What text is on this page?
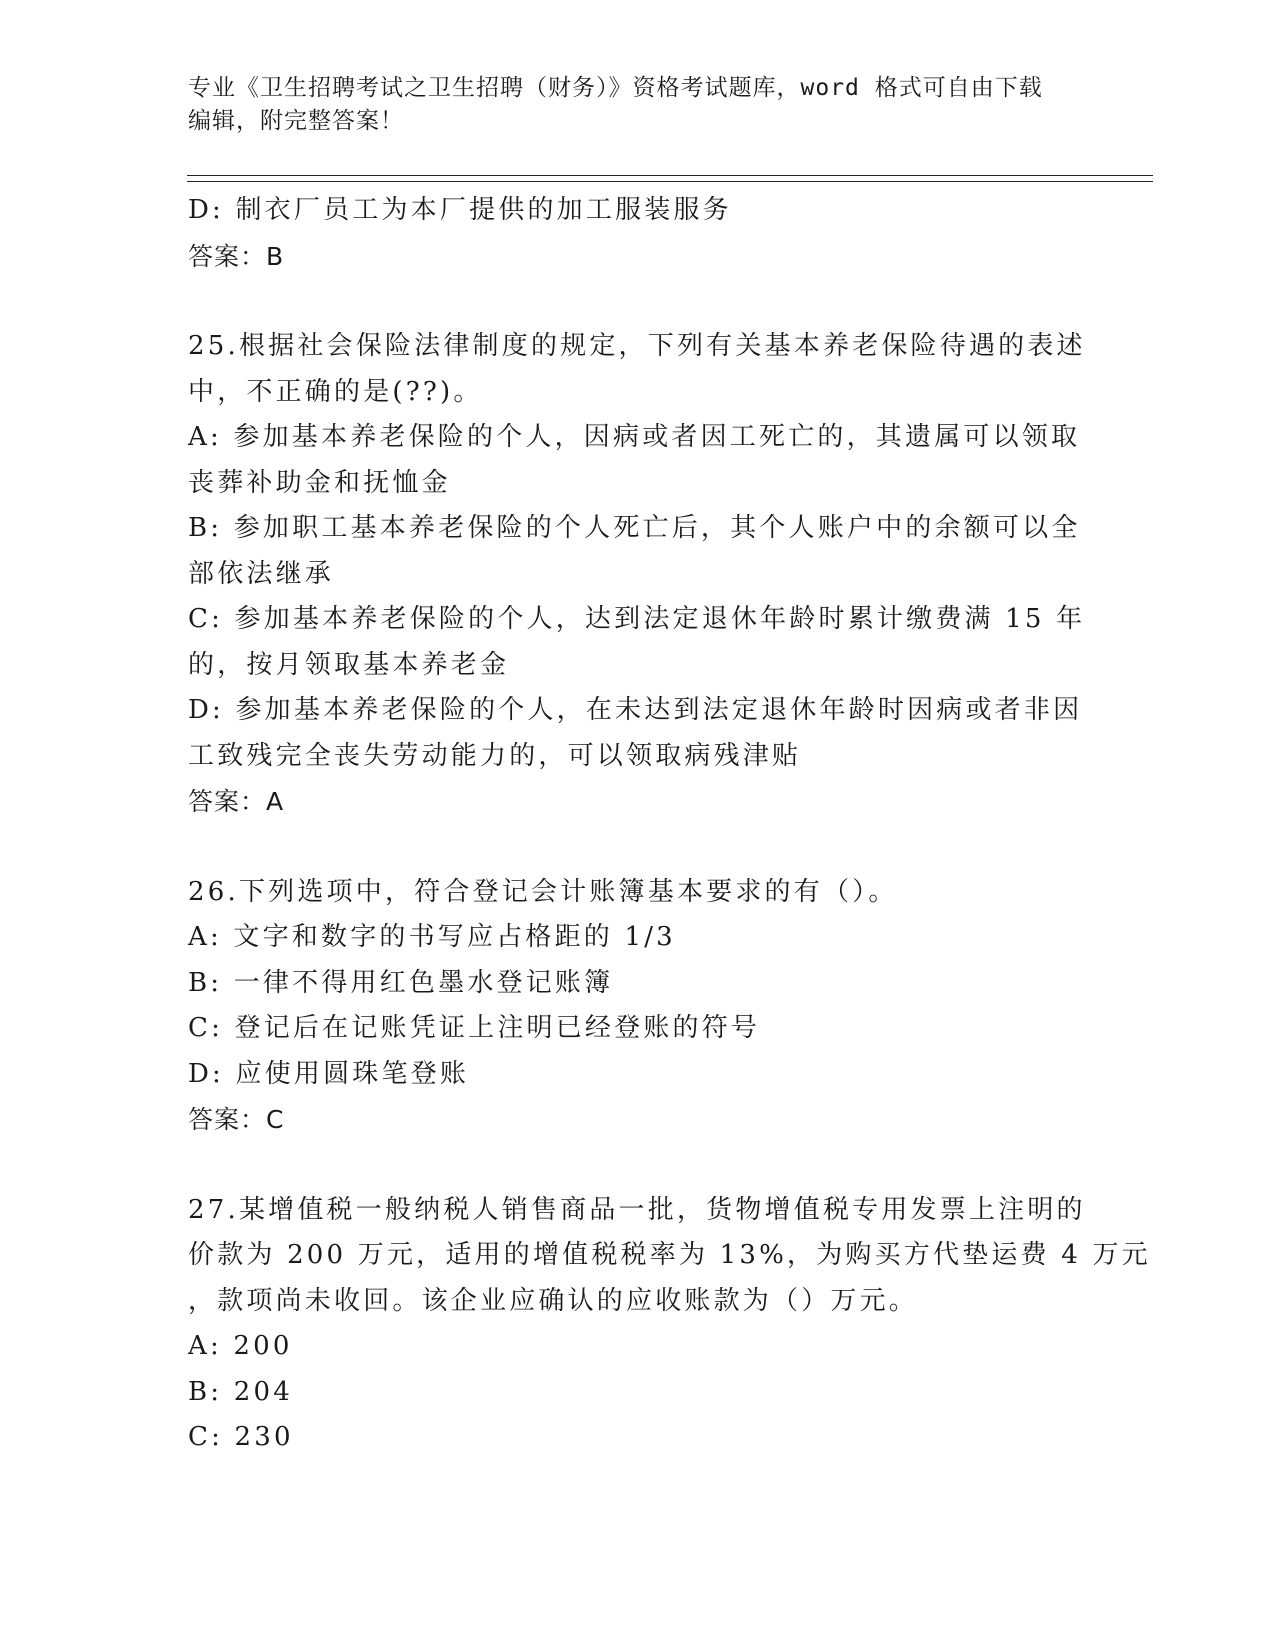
专业《卫生招聘考试之卫生招聘（财务）》资格考试题库，word 格式可自由下载
编辑，附完整答案！
D: 制衣厂员工为本厂提供的加工服装服务
答案：B
25.根据社会保险法律制度的规定，下列有关基本养老保险待遇的表述
中，不正确的是(??)。
A: 参加基本养老保险的个人，因病或者因工死亡的，其遗属可以领取
丧葬补助金和抚恤金
B: 参加职工基本养老保险的个人死亡后，其个人账户中的余额可以全
部依法继承
C: 参加基本养老保险的个人，达到法定退休年龄时累计缴费满 15 年
的，按月领取基本养老金
D: 参加基本养老保险的个人，在未达到法定退休年龄时因病或者非因
工致残完全丧失劳动能力的，可以领取病残津贴
答案：A
26.下列选项中，符合登记会计账簿基本要求的有（）。
A: 文字和数字的书写应占格距的 1/3
B: 一律不得用红色墨水登记账簿
C: 登记后在记账凭证上注明已经登账的符号
D: 应使用圆珠笔登账
答案：C
27.某增值税一般纳税人销售商品一批，货物增值税专用发票上注明的
价款为 200 万元，适用的增值税税率为 13%，为购买方代垫运费 4 万元
，款项尚未收回。该企业应确认的应收账款为（）万元。
A: 200
B: 204
C: 230
